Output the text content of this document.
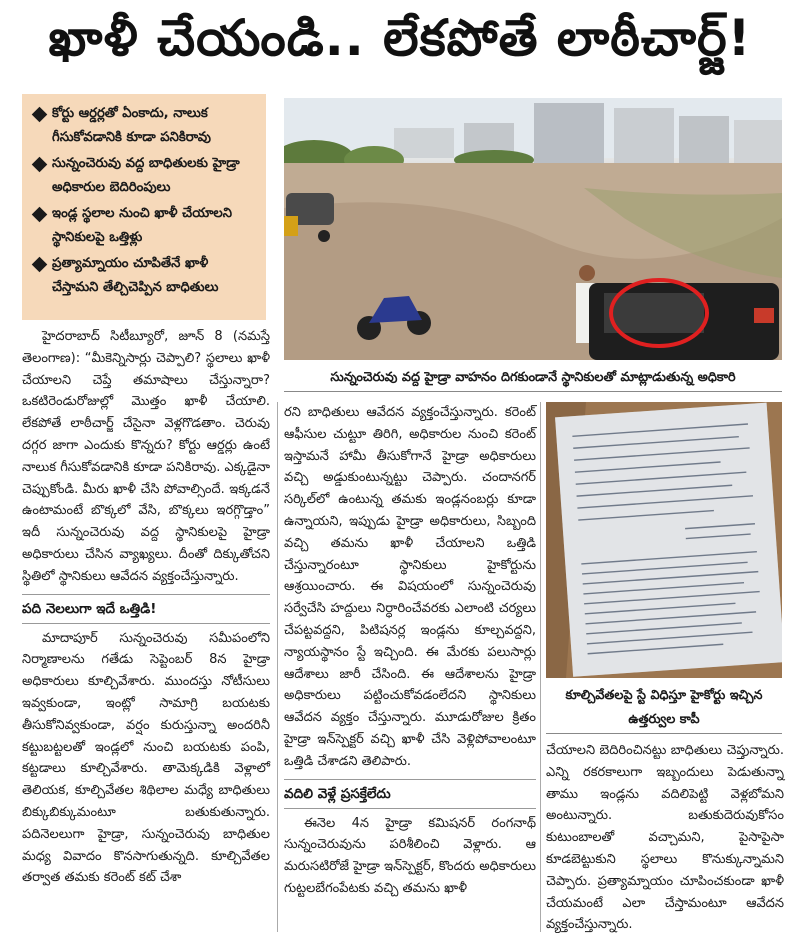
ఖాళీ చేయండి.. లేకపోతే లాఠీచార్జ్!
కోర్టు ఆర్డర్లతో ఏంకాదు, నాలుక గీసుకోవడానికి కూడా పనికిరావు
సున్నంచెరువు వద్ద బాధితులకు హైడ్రా అధికారుల బెదిరింపులు
ఇండ్ల స్థలాల నుంచి ఖాళీ చేయాలని స్థానికులపై ఒత్తిళ్లు
ప్రత్యామ్నాయం చూపితేనే ఖాళీ చేస్తామని తేల్చిచెప్పిన బాధితులు

హైదరాబాద్ సిటీబ్యూరో, జూన్ 8 (నమస్తే తెలంగాణ): “మీకెన్నిసార్లు చెప్పాలి? స్థలాలు ఖాళీ చేయాలని చెప్తే తమాషాలు చేస్తున్నారా? ఒకటిరెండురోజుల్లో మొత్తం ఖాళీ చేయాలి. లేకపోతే లాఠీచార్జ్ చేసైనా వెళ్లగొడతాం. చెరువు దగ్గర జాగా ఎందుకు కొన్నరు? కోర్టు ఆర్డర్లు ఉంటే నాలుక గీసుకోవడానికి కూడా పనికిరావు. ఎక్కడైనా చెప్పుకోండి. మీరు ఖాళీ చేసి పోవాల్సిందే. ఇక్కడనే ఉంటామంటే బొక్కలో వేసి, బొక్కలు ఇరగ్గొడ్తాం” ఇదీ సున్నంచెరువు వద్ద స్థానికులపై హైడ్రా అధికారులు చేసిన వ్యాఖ్యలు. దీంతో దిక్కుతోచని స్థితిలో స్థానికులు ఆవేదన వ్యక్తంచేస్తున్నారు.

పది నెలలుగా ఇదే ఒత్తిడి!

మాదాపూర్ సున్నంచెరువు సమీపంలోని నిర్మాణాలను గతేడు సెప్టెంబర్ 8న హైడ్రా అధికారులు కూల్చివేశారు. ముందస్తు నోటీసులు ఇవ్వకుండా, ఇంట్లో సామాగ్రి బయటకు తీసుకోనివ్వకుండా, వర్షం కురుస్తున్నా అందరినీ కట్టుబట్టలతో ఇండ్లలో నుంచి బయటకు పంపి, కట్టడాలు కూల్చివేశారు. తామెక్కడికి వెళ్లాలో తెలియక, కూల్చివేతల శిథిలాల మధ్యే బాధితులు బిక్కుబిక్కుమంటూ బతుకుతున్నారు. పదినెలలుగా హైడ్రా, సున్నంచెరువు బాధితుల మధ్య వివాదం కొనసాగుతున్నది. కూల్చివేతల తర్వాత తమకు కరెంట్ కట్ చేశా

సున్నంచెరువు వద్ద హైడ్రా వాహనం దిగకుండానే స్థానికులతో మాట్లాడుతున్న అధికారి

రని బాధితులు ఆవేదన వ్యక్తంచేస్తున్నారు. కరెంట్ ఆఫీసుల చుట్టూ తిరిగి, అధికారుల నుంచి కరెంట్ ఇస్తామనే హామీ తీసుకోగానే హైడ్రా అధికారులు వచ్చి అడ్డుకుంటున్నట్టు చెప్పారు. చందానగర్ సర్కిల్‌లో ఉంటున్న తమకు ఇండ్లనంబర్లు కూడా ఉన్నాయని, ఇప్పుడు హైడ్రా అధికారులు, సిబ్బంది వచ్చి తమను ఖాళీ చేయాలని ఒత్తిడి చేస్తున్నారంటూ స్థానికులు హైకోర్టును ఆశ్రయించారు. ఈ విషయంలో సున్నంచెరువు సర్వేచేసి హద్దులు నిర్ధారించేవరకు ఎలాంటి చర్యలు చేపట్టవద్దని, పిటిషనర్ల ఇండ్లను కూల్చవద్దని, న్యాయస్థానం స్టే ఇచ్చింది. ఈ మేరకు పలుసార్లు ఆదేశాలు జారీ చేసింది. ఈ ఆదేశాలను హైడ్రా అధికారులు పట్టించుకోవడంలేదని స్థానికులు ఆవేదన వ్యక్తం చేస్తున్నారు. మూడురోజుల క్రితం హైడ్రా ఇన్‌స్పెక్టర్ వచ్చి ఖాళీ చేసి వెళ్లిపోవాలంటూ ఒత్తిడి చేశాడని తెలిపారు.

వదిలి వెళ్లే ప్రసక్తేలేదు

ఈనెల 4న హైడ్రా కమిషనర్ రంగనాథ్ సున్నంచెరువును పరిశీలించి వెళ్లారు. ఆ మరుసటిరోజే హైడ్రా ఇన్‌స్పెక్టర్, కొందరు అధికారులు గుట్టలబేగంపేటకు వచ్చి తమను ఖాళీ

కూల్చివేతలపై స్టే విధిస్తూ హైకోర్టు ఇచ్చిన ఉత్తర్వుల కాపీ

చేయాలని బెదిరించినట్టు బాధితులు చెప్తున్నారు. ఎన్ని రకరకాలుగా ఇబ్బందులు పెడుతున్నా తాము ఇండ్లను వదిలిపెట్టి వెళ్లబోమని అంటున్నారు. బతుకుదెరువుకోసం కుటుంబాలతో వచ్చామని, పైసాపైసా కూడబెట్టుకుని స్థలాలు కొనుక్కున్నామని చెప్పారు. ప్రత్యామ్నాయం చూపించకుండా ఖాళీ చేయమంటే ఎలా చేస్తామంటూ ఆవేదన వ్యక్తంచేస్తున్నారు.
